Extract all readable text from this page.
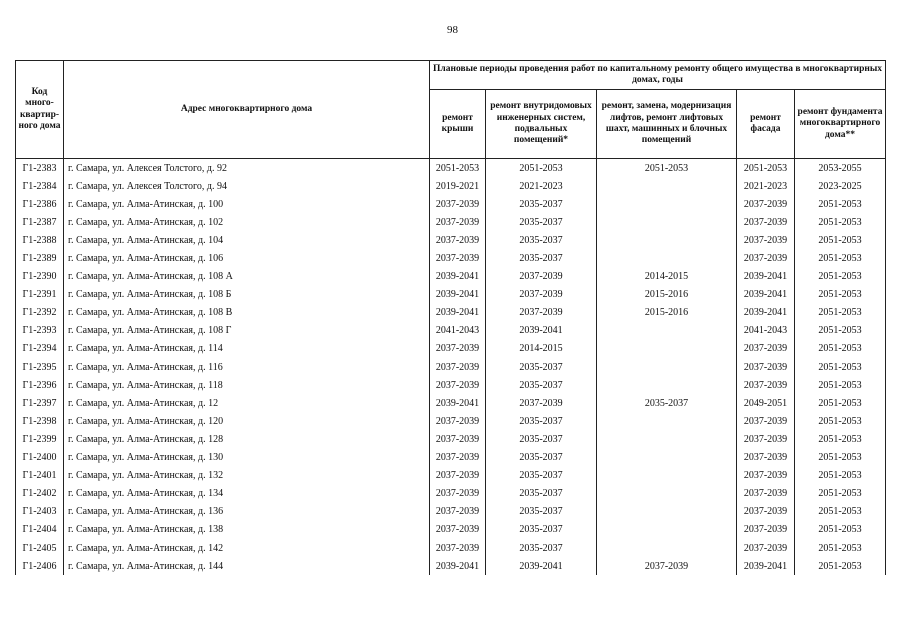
98
Код много-квартир-ного дома	Адрес многоквартирного дома	Плановые периоды проведения работ по капитальному ремонту общего имущества в многоквартирных домах, годы				
		ремонт крыши	ремонт внутридомовых инженерных систем, подвальных помещений*	ремонт, замена, модернизация лифтов, ремонт лифтовых шахт, машинных и блочных помещений	ремонт фасада	ремонт фундамента многоквартирного дома**
Г1-2383	г. Самара, ул. Алексея Толстого, д. 92	2051-2053	2051-2053	2051-2053	2051-2053	2053-2055
Г1-2384	г. Самара, ул. Алексея Толстого, д. 94	2019-2021	2021-2023		2021-2023	2023-2025
Г1-2386	г. Самара, ул. Алма-Атинская, д. 100	2037-2039	2035-2037		2037-2039	2051-2053
Г1-2387	г. Самара, ул. Алма-Атинская, д. 102	2037-2039	2035-2037		2037-2039	2051-2053
Г1-2388	г. Самара, ул. Алма-Атинская, д. 104	2037-2039	2035-2037		2037-2039	2051-2053
Г1-2389	г. Самара, ул. Алма-Атинская, д. 106	2037-2039	2035-2037		2037-2039	2051-2053
Г1-2390	г. Самара, ул. Алма-Атинская, д. 108 А	2039-2041	2037-2039	2014-2015	2039-2041	2051-2053
Г1-2391	г. Самара, ул. Алма-Атинская, д. 108 Б	2039-2041	2037-2039	2015-2016	2039-2041	2051-2053
Г1-2392	г. Самара, ул. Алма-Атинская, д. 108 В	2039-2041	2037-2039	2015-2016	2039-2041	2051-2053
Г1-2393	г. Самара, ул. Алма-Атинская, д. 108 Г	2041-2043	2039-2041		2041-2043	2051-2053
Г1-2394	г. Самара, ул. Алма-Атинская, д. 114	2037-2039	2014-2015		2037-2039	2051-2053
Г1-2395	г. Самара, ул. Алма-Атинская, д. 116	2037-2039	2035-2037		2037-2039	2051-2053
Г1-2396	г. Самара, ул. Алма-Атинская, д. 118	2037-2039	2035-2037		2037-2039	2051-2053
Г1-2397	г. Самара, ул. Алма-Атинская, д. 12	2039-2041	2037-2039	2035-2037	2049-2051	2051-2053
Г1-2398	г. Самара, ул. Алма-Атинская, д. 120	2037-2039	2035-2037		2037-2039	2051-2053
Г1-2399	г. Самара, ул. Алма-Атинская, д. 128	2037-2039	2035-2037		2037-2039	2051-2053
Г1-2400	г. Самара, ул. Алма-Атинская, д. 130	2037-2039	2035-2037		2037-2039	2051-2053
Г1-2401	г. Самара, ул. Алма-Атинская, д. 132	2037-2039	2035-2037		2037-2039	2051-2053
Г1-2402	г. Самара, ул. Алма-Атинская, д. 134	2037-2039	2035-2037		2037-2039	2051-2053
Г1-2403	г. Самара, ул. Алма-Атинская, д. 136	2037-2039	2035-2037		2037-2039	2051-2053
Г1-2404	г. Самара, ул. Алма-Атинская, д. 138	2037-2039	2035-2037		2037-2039	2051-2053
Г1-2405	г. Самара, ул. Алма-Атинская, д. 142	2037-2039	2035-2037		2037-2039	2051-2053
Г1-2406	г. Самара, ул. Алма-Атинская, д. 144	2039-2041	2039-2041	2037-2039	2039-2041	2051-2053
